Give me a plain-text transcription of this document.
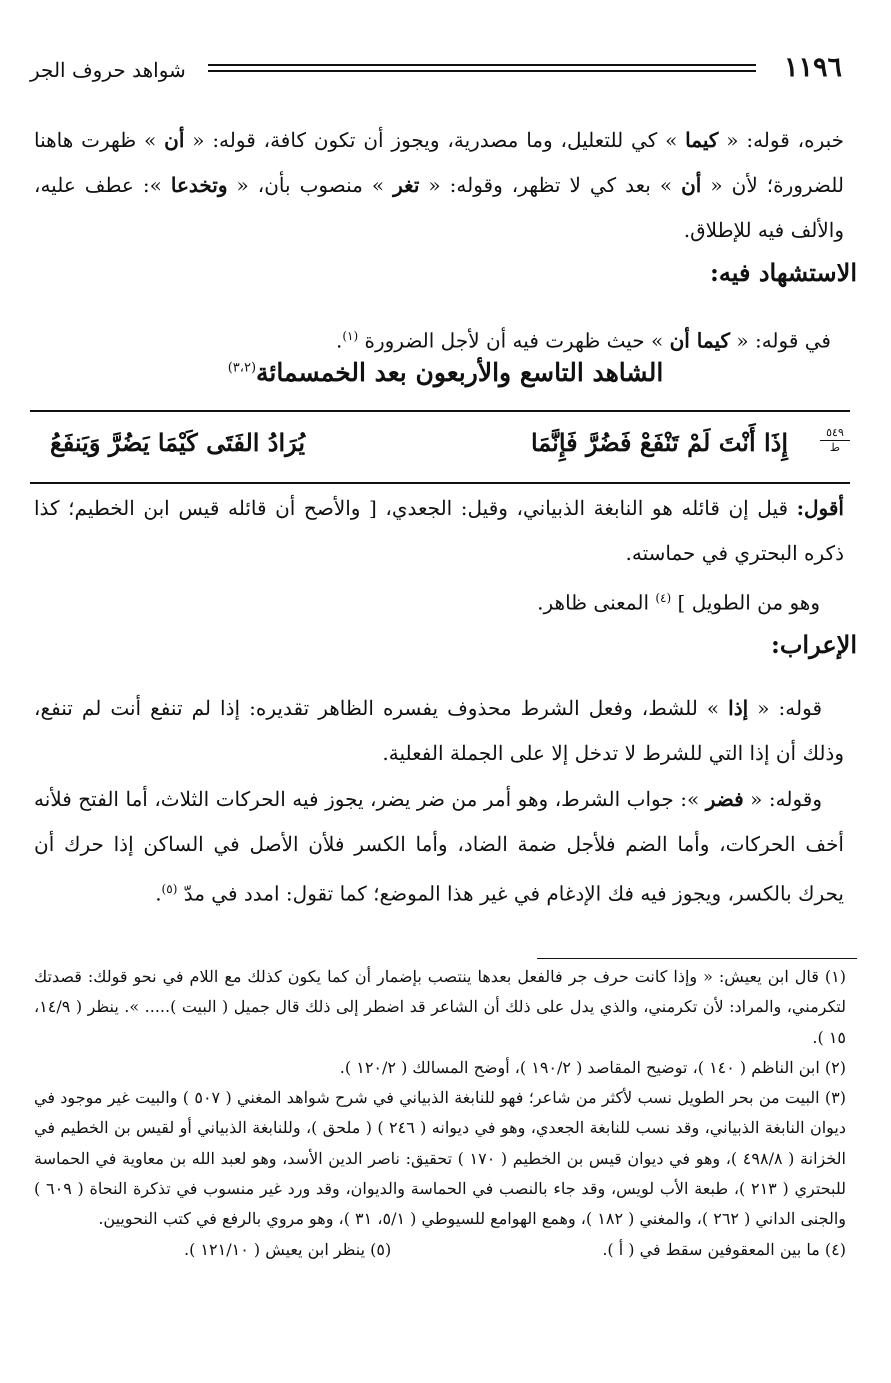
١١٩٦
شواهد حروف الجر

خبره، قوله: « كيما » كي للتعليل، وما مصدرية، ويجوز أن تكون كافة، قوله: « أن » ظهرت هاهنا للضرورة؛ لأن « أن » بعد كي لا تظهر، وقوله: « تغر » منصوب بأن، « وتخدعا »: عطف عليه، والألف فيه للإطلاق.

الاستشهاد فيه:

في قوله: « كيما أن » حيث ظهرت فيه أن لأجل الضرورة $^{(١)}$.

الشاهد التاسع والأربعون بعد الخمسمائة$^{(٣،٢)}$
٥٤٩
ط
إِذَا أَنْتَ لَمْ تَنْفَعْ فَضُرَّ فَإِنَّمَا
يُرَادُ الفَتَى كَيْمَا يَضُرَّ وَيَنفَعُ

أقول: قيل إن قائله هو النابغة الذبياني، وقيل: الجعدي، [ والأصح أن قائله قيس ابن الخطيم؛ كذا ذكره البحتري في حماسته.

وهو من الطويل ] $^{(٤)}$ المعنى ظاهر.

الإعراب:

قوله: « إذا » للشط، وفعل الشرط محذوف يفسره الظاهر تقديره: إذا لم تنفع أنت لم تنفع، وذلك أن إذا التي للشرط لا تدخل إلا على الجملة الفعلية.

وقوله: « فضر »: جواب الشرط، وهو أمر من ضر يضر، يجوز فيه الحركات الثلاث، أما الفتح فلأنه أخف الحركات، وأما الضم فلأجل ضمة الضاد، وأما الكسر فلأن الأصل في الساكن إذا حرك أن يحرك بالكسر، ويجوز فيه فك الإدغام في غير هذا الموضع؛ كما تقول: امدد في مدّ $^{(٥)}$.

(١) قال ابن يعيش: « وإذا كانت حرف جر فالفعل بعدها ينتصب بإضمار أن كما يكون كذلك مع اللام في نحو قولك: قصدتك لتكرمني، والمراد: لأن تكرمني، والذي يدل على ذلك أن الشاعر قد اضطر إلى ذلك قال جميل ( البيت )..... ». ينظر ( ١٤/٩، ١٥ ).

(٢) ابن الناظم ( ١٤٠ )، توضيح المقاصد ( ١٩٠/٢ )، أوضح المسالك ( ١٢٠/٢ ).

(٣) البيت من بحر الطويل نسب لأكثر من شاعر؛ فهو للنابغة الذبياني في شرح شواهد المغني ( ٥٠٧ ) والبيت غير موجود في ديوان النابغة الذبياني، وقد نسب للنابغة الجعدي، وهو في ديوانه ( ٢٤٦ ) ( ملحق )، وللنابغة الذبياني أو لقيس بن الخطيم في الخزانة ( ٤٩٨/٨ )، وهو في ديوان قيس بن الخطيم ( ١٧٠ ) تحقيق: ناصر الدين الأسد، وهو لعبد الله بن معاوية في الحماسة للبحتري ( ٢١٣ )، طبعة الأب لويس، وقد جاء بالنصب في الحماسة والديوان، وقد ورد غير منسوب في تذكرة النحاة ( ٦٠٩ ) والجنى الداني ( ٢٦٢ )، والمغني ( ١٨٢ )، وهمع الهوامع للسيوطي ( ٥/١، ٣١ )، وهو مروي بالرفع في كتب النحويين.

(٤) ما بين المعقوفين سقط في ( أ ).
(٥) ينظر ابن يعيش ( ١٢١/١٠ ).
